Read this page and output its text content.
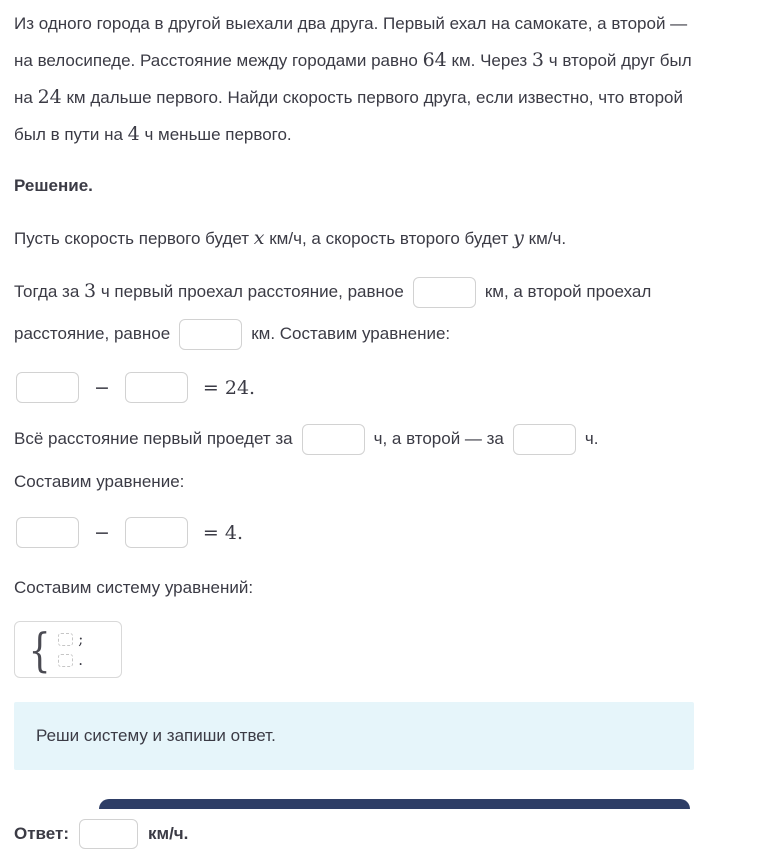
Из одного города в другой выехали два друга. Первый ехал на самокате, а второй — на велосипеде. Расстояние между городами равно 64 км. Через 3 ч второй друг был на 24 км дальше первого. Найди скорость первого друга, если известно, что второй был в пути на 4 ч меньше первого.

Решение.

Пусть скорость первого будет x км/ч, а скорость второго будет y км/ч.

Тогда за 3 ч первый проехал расстояние, равное	км, а второй проехал расстояние, равное	км. Составим уравнение:

−	= 24.

Всё расстояние первый проедет за	ч, а второй — за	ч.

Составим уравнение:

−	= 4.

Составим систему уравнений:

{ ;
.
Реши систему и запиши ответ.
Ответ:	км/ч.
